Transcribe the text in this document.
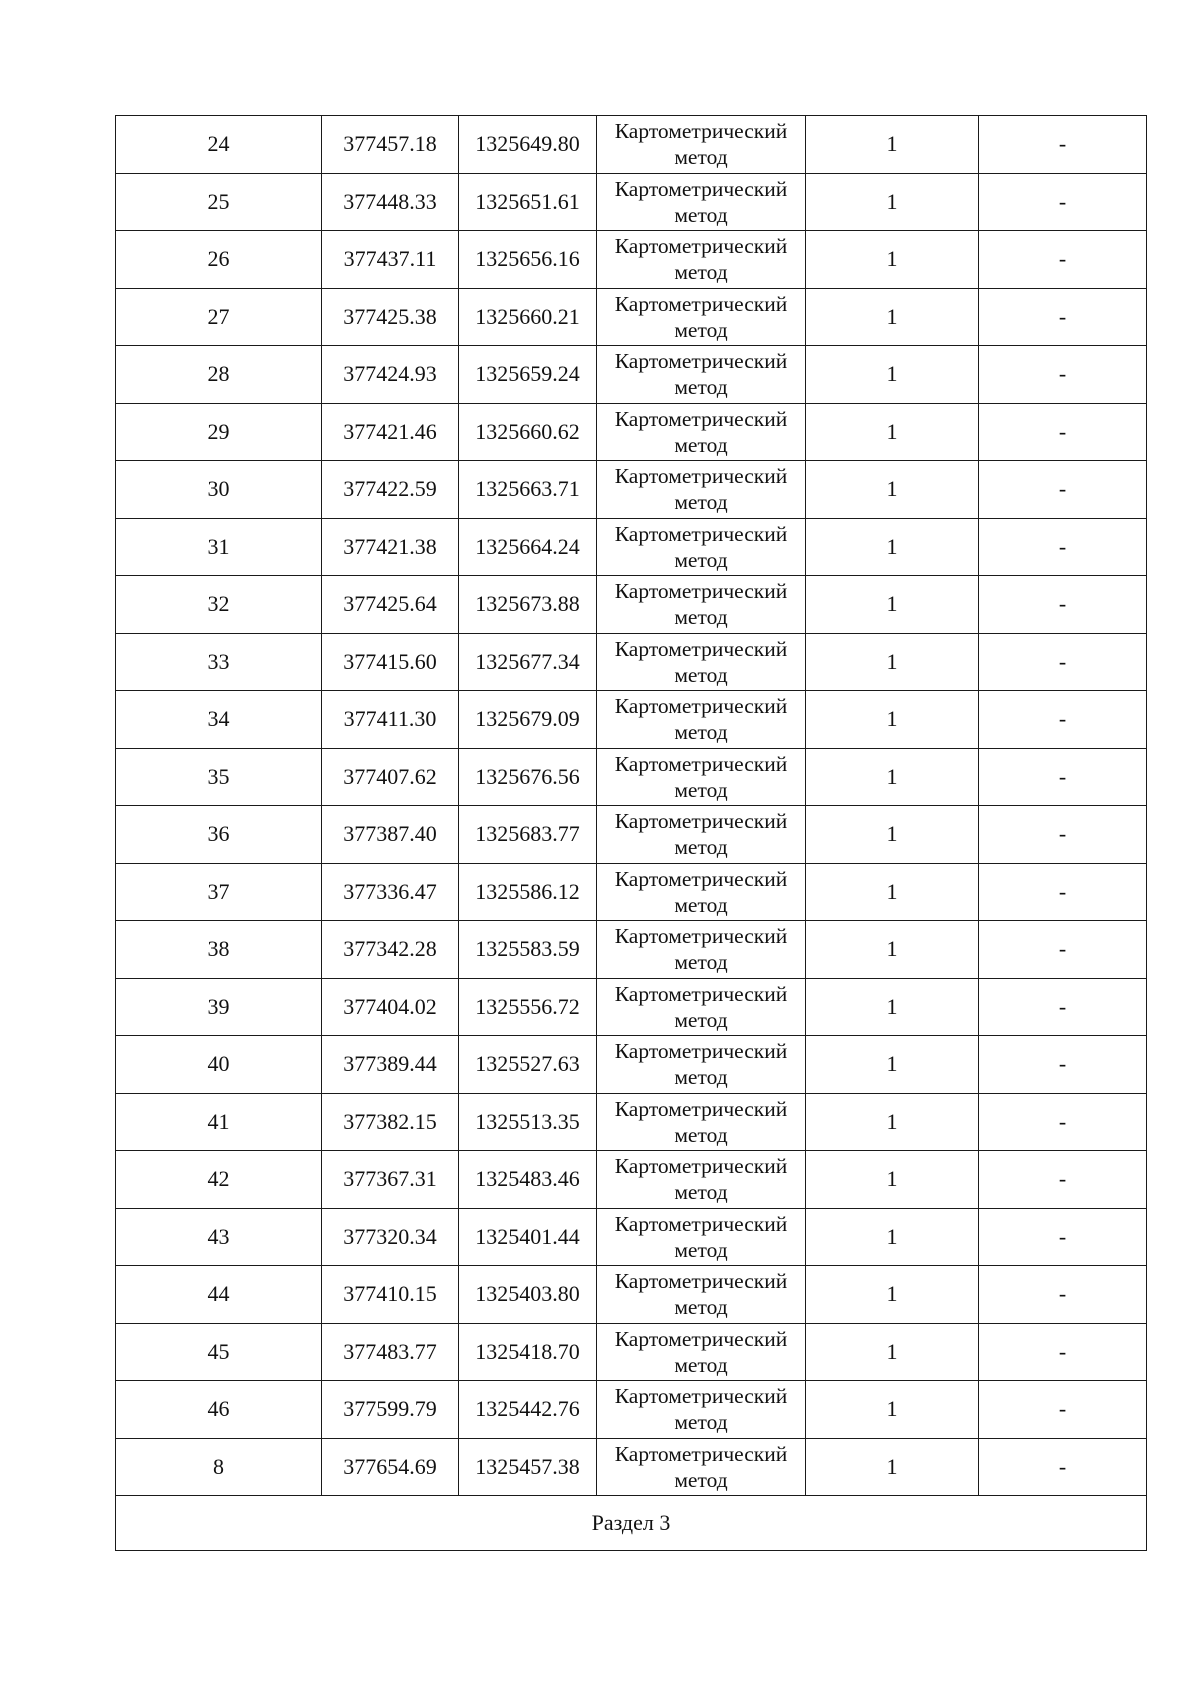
24	377457.18	1325649.80	Картометрический метод	1	-
25	377448.33	1325651.61	Картометрический метод	1	-
26	377437.11	1325656.16	Картометрический метод	1	-
27	377425.38	1325660.21	Картометрический метод	1	-
28	377424.93	1325659.24	Картометрический метод	1	-
29	377421.46	1325660.62	Картометрический метод	1	-
30	377422.59	1325663.71	Картометрический метод	1	-
31	377421.38	1325664.24	Картометрический метод	1	-
32	377425.64	1325673.88	Картометрический метод	1	-
33	377415.60	1325677.34	Картометрический метод	1	-
34	377411.30	1325679.09	Картометрический метод	1	-
35	377407.62	1325676.56	Картометрический метод	1	-
36	377387.40	1325683.77	Картометрический метод	1	-
37	377336.47	1325586.12	Картометрический метод	1	-
38	377342.28	1325583.59	Картометрический метод	1	-
39	377404.02	1325556.72	Картометрический метод	1	-
40	377389.44	1325527.63	Картометрический метод	1	-
41	377382.15	1325513.35	Картометрический метод	1	-
42	377367.31	1325483.46	Картометрический метод	1	-
43	377320.34	1325401.44	Картометрический метод	1	-
44	377410.15	1325403.80	Картометрический метод	1	-
45	377483.77	1325418.70	Картометрический метод	1	-
46	377599.79	1325442.76	Картометрический метод	1	-
8	377654.69	1325457.38	Картометрический метод	1	-
Раздел 3					
